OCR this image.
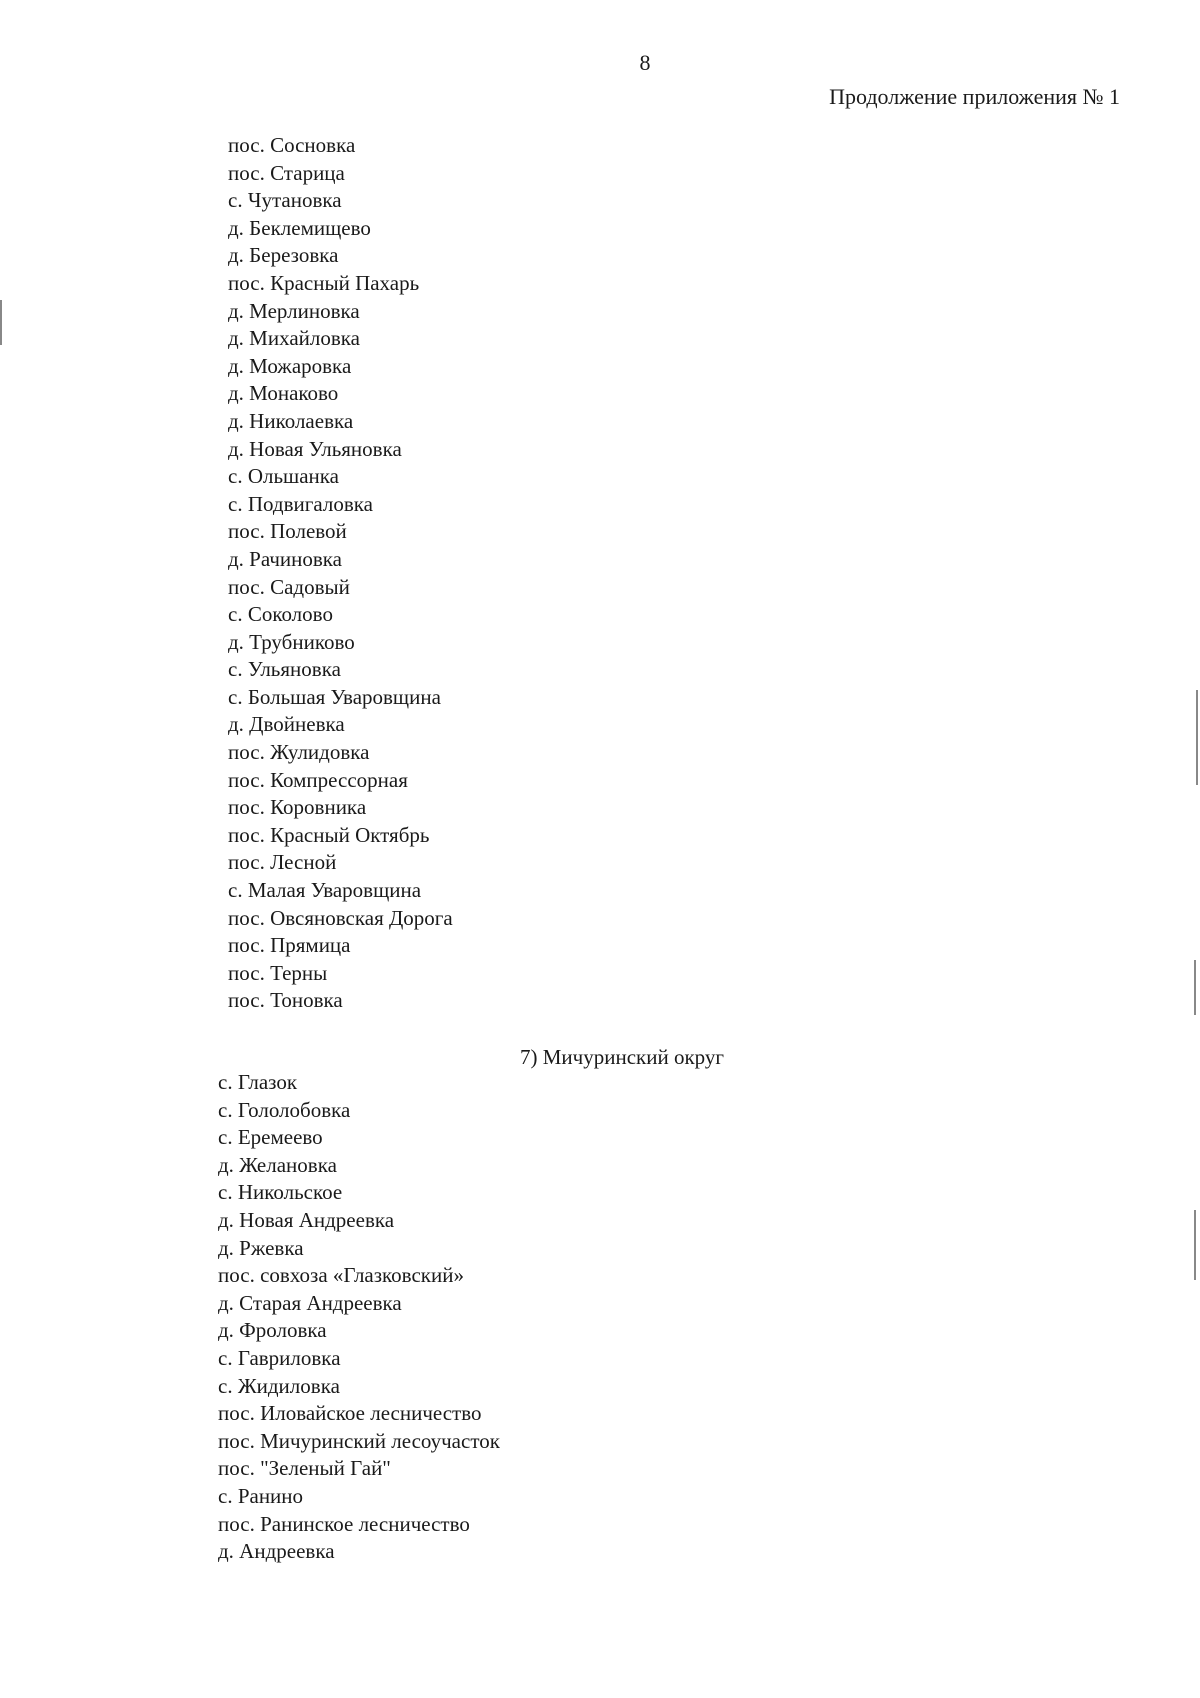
8
Продолжение приложения № 1
пос. Сосновка
пос. Старица
с. Чутановка
д. Беклемищево
д. Березовка
пос. Красный Пахарь
д. Мерлиновка
д. Михайловка
д. Можаровка
д. Монаково
д. Николаевка
д. Новая Ульяновка
с. Ольшанка
с. Подвигаловка
пос. Полевой
д. Рачиновка
пос. Садовый
с. Соколово
д. Трубниково
с. Ульяновка
с. Большая Уваровщина
д. Двойневка
пос. Жулидовка
пос. Компрессорная
пос. Коровника
пос. Красный Октябрь
пос. Лесной
с. Малая Уваровщина
пос. Овсяновская Дорога
пос. Прямица
пос. Терны
пос. Тоновка
7) Мичуринский округ
с. Глазок
с. Гололобовка
с. Еремеево
д. Желановка
с. Никольское
д. Новая Андреевка
д. Ржевка
пос. совхоза «Глазковский»
д. Старая Андреевка
д. Фроловка
с. Гавриловка
с. Жидиловка
пос. Иловайское лесничество
пос. Мичуринский лесоучасток
пос. "Зеленый Гай"
с. Ранино
пос. Ранинское лесничество
д. Андреевка
